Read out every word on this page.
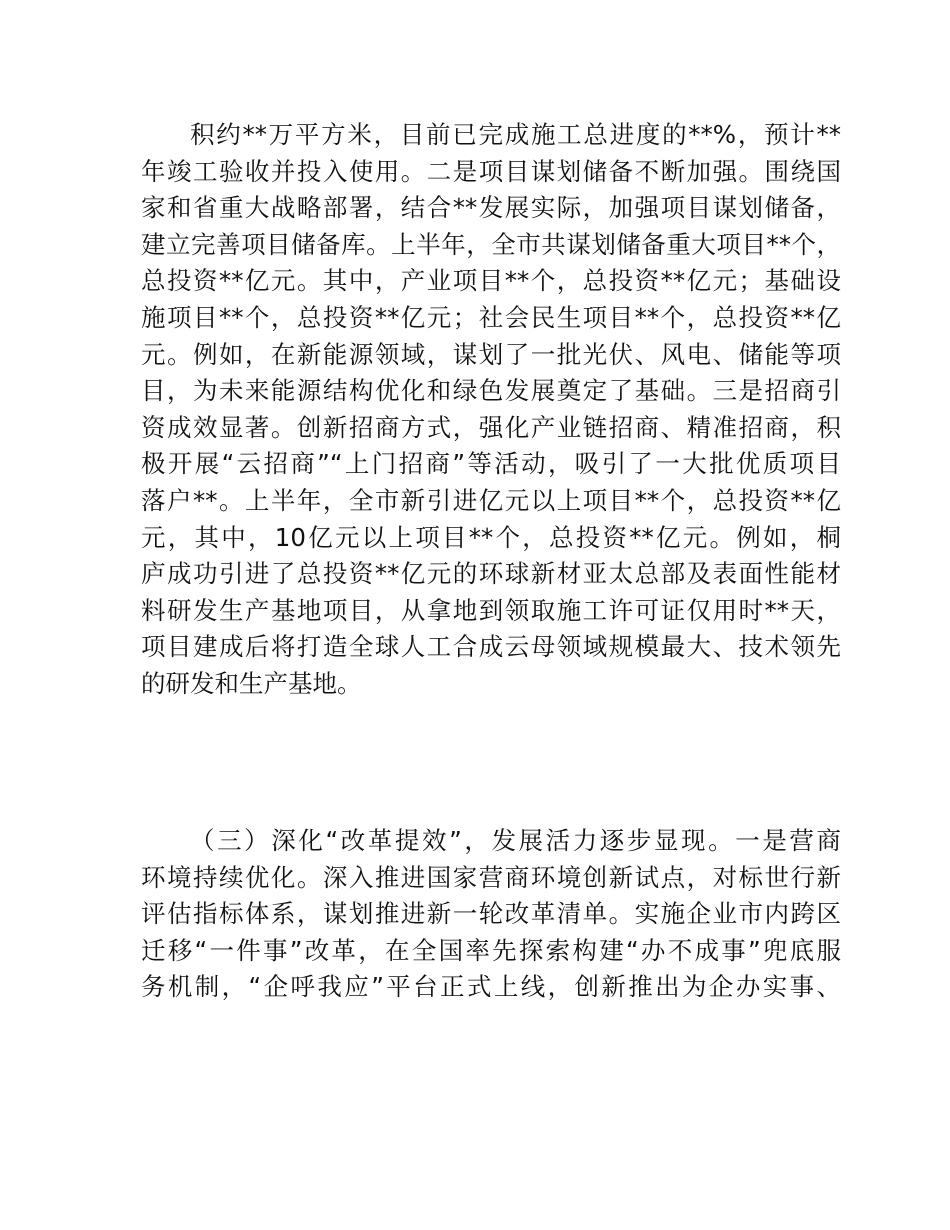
积约**万平方米，目前已完成施工总进度的**%，预计**
年竣工验收并投入使用。二是项目谋划储备不断加强。围绕国
家和省重大战略部署，结合**发展实际，加强项目谋划储备，
建立完善项目储备库。上半年，全市共谋划储备重大项目**个，
总投资**亿元。其中，产业项目**个，总投资**亿元；基础设
施项目**个，总投资**亿元；社会民生项目**个，总投资**亿
元。例如，在新能源领域，谋划了一批光伏、风电、储能等项
目，为未来能源结构优化和绿色发展奠定了基础。三是招商引
资成效显著。创新招商方式，强化产业链招商、精准招商，积
极开展“云招商”“上门招商”等活动，吸引了一大批优质项目
落户**。上半年，全市新引进亿元以上项目**个，总投资**亿
元，其中，10亿元以上项目**个，总投资**亿元。例如，桐
庐成功引进了总投资**亿元的环球新材亚太总部及表面性能材
料研发生产基地项目，从拿地到领取施工许可证仅用时**天，
项目建成后将打造全球人工合成云母领域规模最大、技术领先
的研发和生产基地。
（三）深化“改革提效”，发展活力逐步显现。一是营商
环境持续优化。深入推进国家营商环境创新试点，对标世行新
评估指标体系，谋划推进新一轮改革清单。实施企业市内跨区
迁移“一件事”改革，在全国率先探索构建“办不成事”兜底服
务机制，“企呼我应”平台正式上线，创新推出为企办实事、
